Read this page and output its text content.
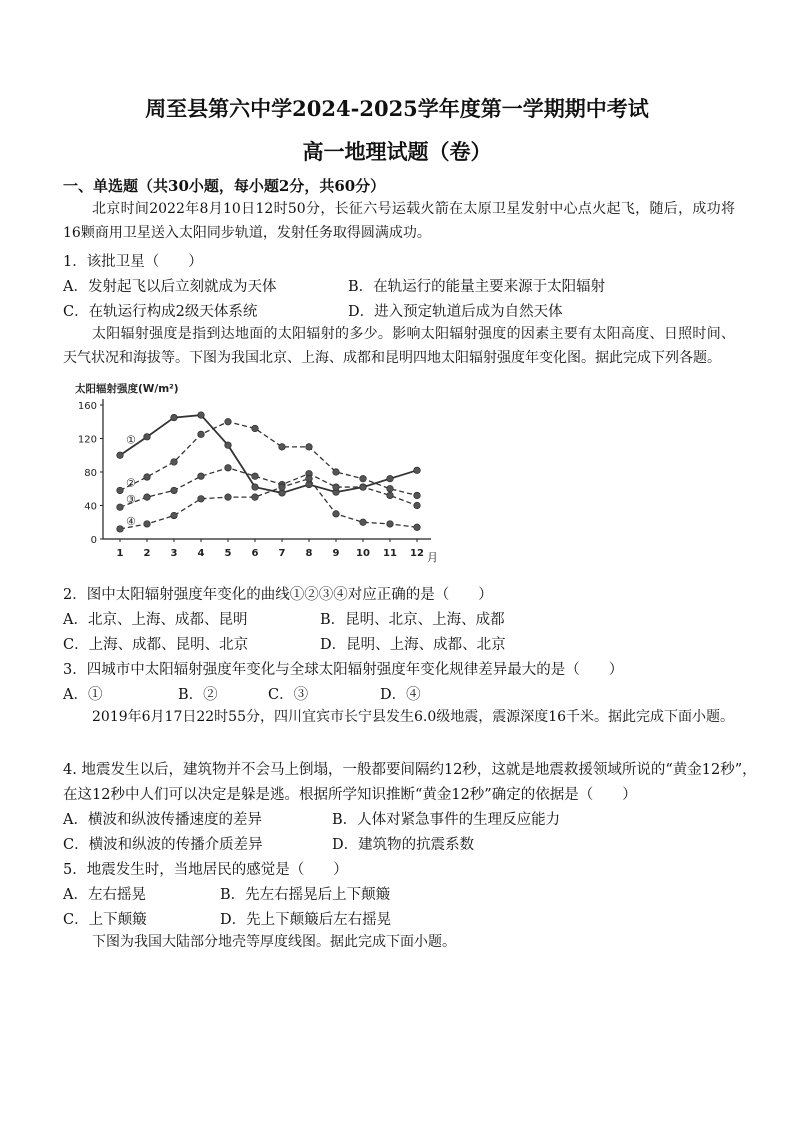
周至县第六中学2024-2025学年度第一学期期中考试
高一地理试题（卷）
一、单选题（共30小题，每小题2分，共60分）
北京时间2022年8月10日12时50分，长征六号运载火箭在太原卫星发射中心点火起飞，随后，成功将16颗商用卫星送入太阳同步轨道，发射任务取得圆满成功。
1．该批卫星（　　）
A．发射起飞以后立刻就成为天体	B．在轨运行的能量主要来源于太阳辐射
C．在轨运行构成2级天体系统	D．进入预定轨道后成为自然天体
太阳辐射强度是指到达地面的太阳辐射的多少。影响太阳辐射强度的因素主要有太阳高度、日照时间、天气状况和海拔等。下图为我国北京、上海、成都和昆明四地太阳辐射强度年变化图。据此完成下列各题。
太阳辐射强度(W/m²)
0
40
80
120
160
1 2 3 4 5 6 7 8 9 10 11 12
①
②
③
④
月
2．图中太阳辐射强度年变化的曲线①②③④对应正确的是（　　）
A．北京、上海、成都、昆明	B．昆明、北京、上海、成都
C．上海、成都、昆明、北京	D．昆明、上海、成都、北京
3．四城市中太阳辐射强度年变化与全球太阳辐射强度年变化规律差异最大的是（　　）
A．①	B．②	C．③	D．④
2019年6月17日22时55分，四川宜宾市长宁县发生6.0级地震，震源深度16千米。据此完成下面小题。
4. 地震发生以后，建筑物并不会马上倒塌，一般都要间隔约12秒，这就是地震救援领域所说的“黄金12秒”，
在这12秒中人们可以决定是躲是逃。根据所学知识推断“黄金12秒”确定的依据是（　　）
A．横波和纵波传播速度的差异	B．人体对紧急事件的生理反应能力
C．横波和纵波的传播介质差异	D．建筑物的抗震系数
5．地震发生时，当地居民的感觉是（　　）
A．左右摇晃	B．先左右摇晃后上下颠簸
C．上下颠簸	D．先上下颠簸后左右摇晃
下图为我国大陆部分地壳等厚度线图。据此完成下面小题。
